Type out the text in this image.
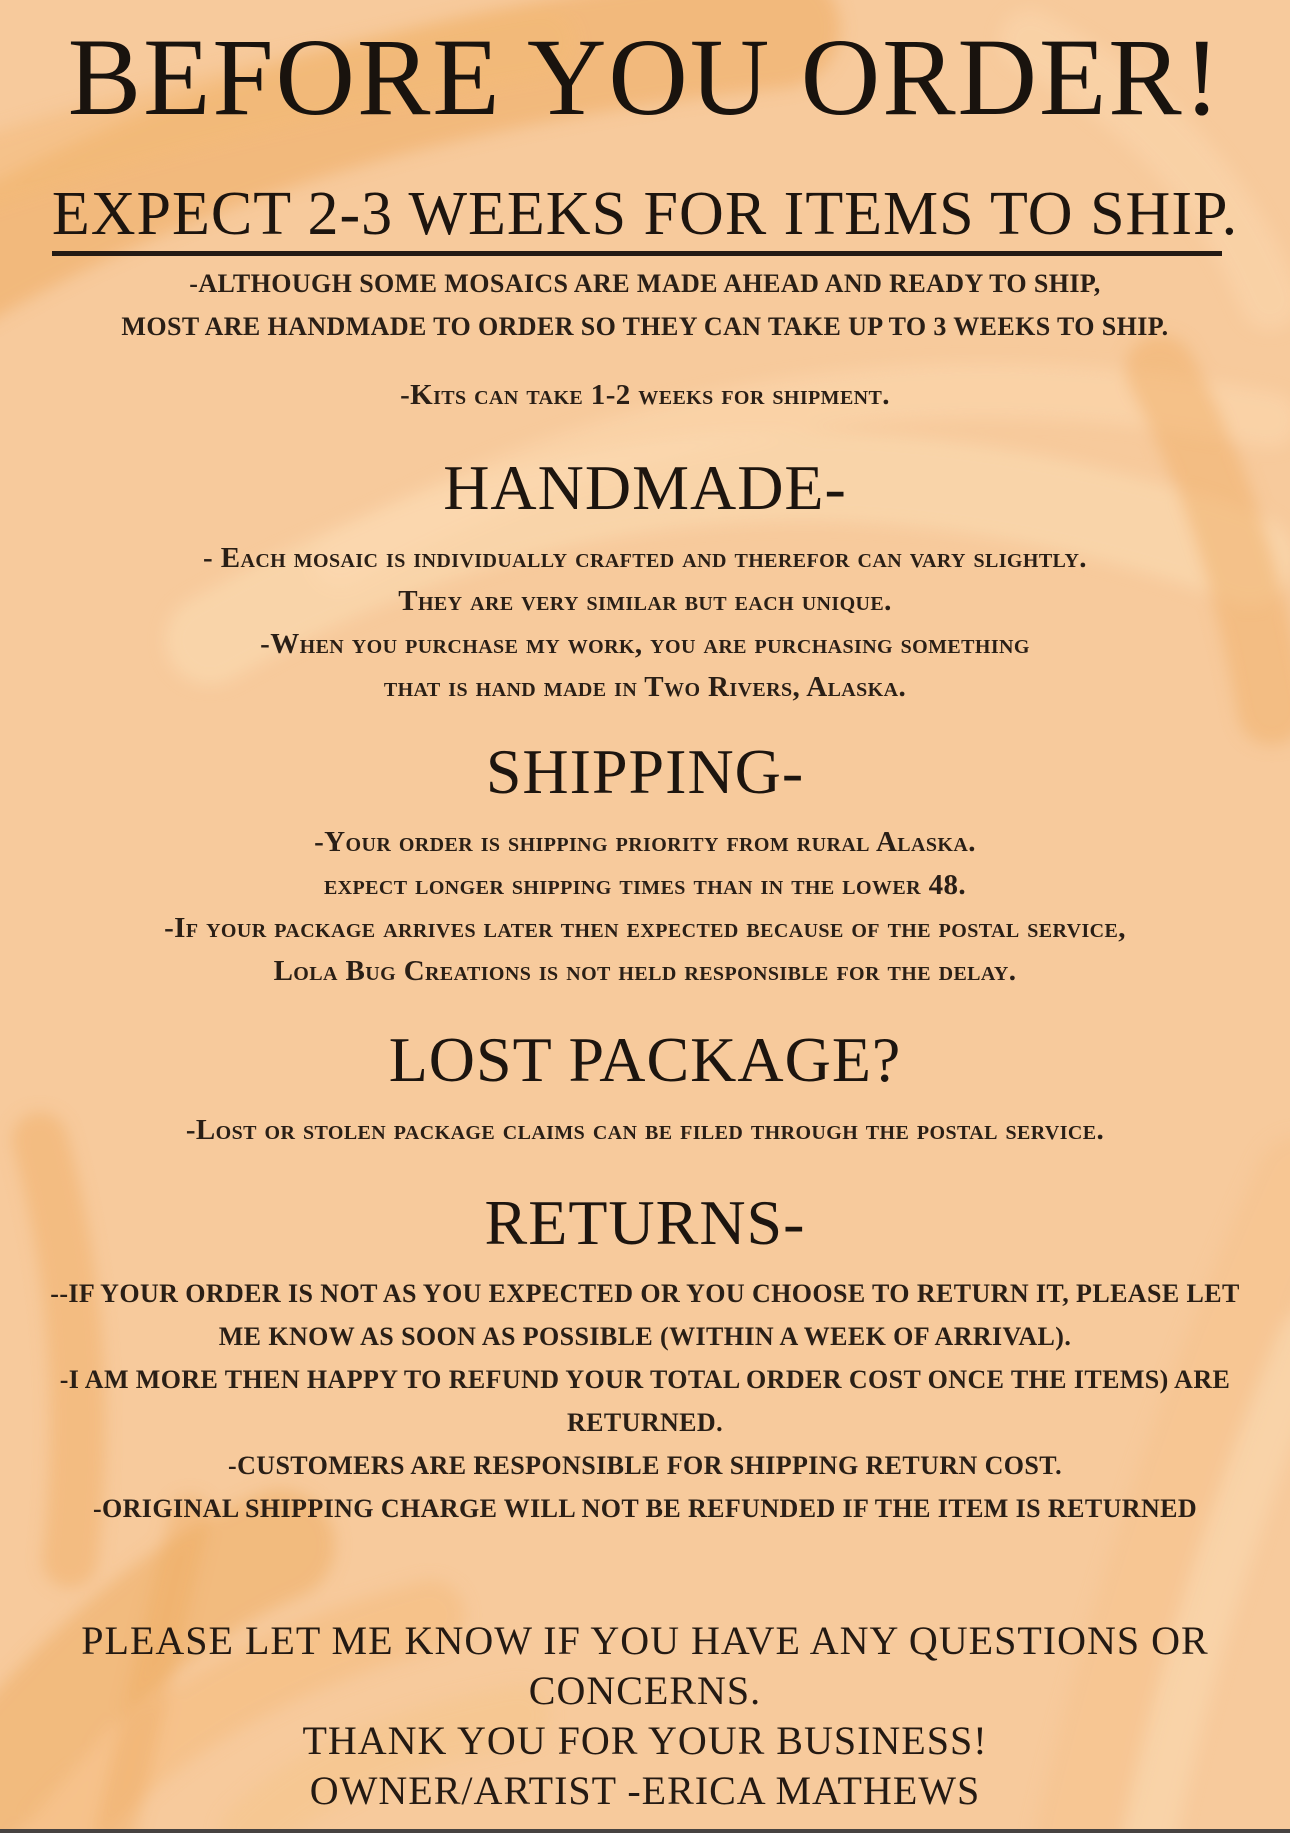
BEFORE YOU ORDER!
EXPECT 2-3 WEEKS FOR ITEMS TO SHIP.
-ALTHOUGH SOME MOSAICS ARE MADE AHEAD AND READY TO SHIP,
MOST ARE HANDMADE TO ORDER SO THEY CAN TAKE UP TO 3 WEEKS TO SHIP.
-Kits can take 1-2 weeks for shipment.
HANDMADE-
- Each mosaic is individually crafted and therefor can vary slightly.
They are very similar but each unique.
-When you purchase my work, you are purchasing something
that is hand made in Two Rivers, Alaska.
SHIPPING-
-Your order is shipping priority from rural Alaska.
expect longer shipping times than in the lower 48.
-If your package arrives later then expected because of the postal service,
Lola Bug Creations is not held responsible for the delay.
LOST PACKAGE?
-Lost or stolen package claims can be filed through the postal service.
RETURNS-
--IF YOUR ORDER IS NOT AS YOU EXPECTED OR YOU CHOOSE TO RETURN IT, PLEASE LET ME KNOW AS SOON AS POSSIBLE (WITHIN A WEEK OF ARRIVAL).
-I AM MORE THEN HAPPY TO REFUND YOUR TOTAL ORDER COST ONCE THE ITEMS) ARE RETURNED.
-CUSTOMERS ARE RESPONSIBLE FOR SHIPPING RETURN COST.
-ORIGINAL SHIPPING CHARGE WILL NOT BE REFUNDED IF THE ITEM IS RETURNED
PLEASE LET ME KNOW IF YOU HAVE ANY QUESTIONS OR CONCERNS.
THANK YOU FOR YOUR BUSINESS!
OWNER/ARTIST -ERICA MATHEWS
